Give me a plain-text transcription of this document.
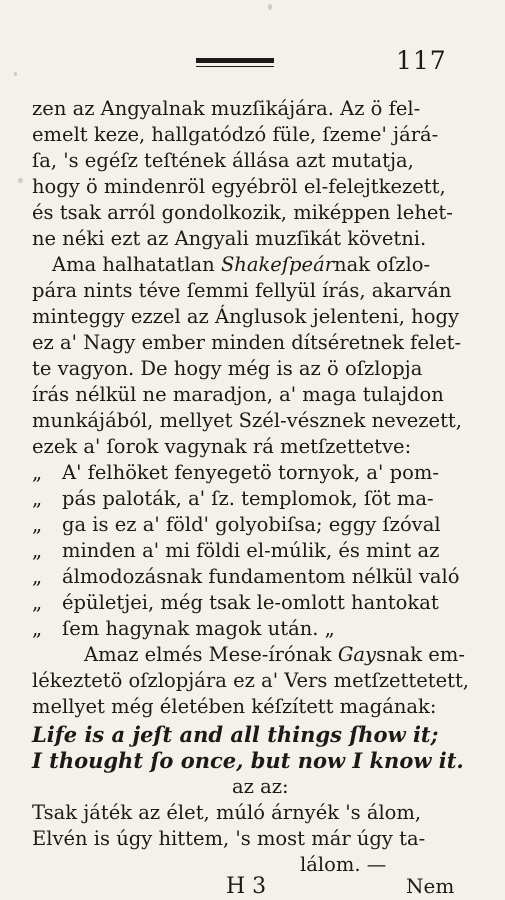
117
zen az Angyalnak muzſikájára. Az ö fel-
emelt keze, hallgatódzó füle, ſzeme' járá-
ſa, 's egéſz teſtének állása azt mutatja,
hogy ö mindenröl egyébröl el-felejtkezett,
és tsak arról gondolkozik, miképpen lehet-
ne néki ezt az Angyali muzſikát követni.
Ama halhatatlan Shakeſpeárnak oſzlo-
pára nints téve ſemmi fellyül írás, akarván
minteggy ezzel az Ánglusok jelenteni, hogy
ez a' Nagy ember minden dítséretnek felet-
te vagyon. De hogy még is az ö oſzlopja
írás nélkül ne maradjon, a' maga tulajdon
munkájából, mellyet Szél-vésznek nevezett,
ezek a' ſorok vagynak rá metſzettetve:
„	A' felhöket fenyegetö tornyok, a' pom-
„	pás paloták, a' ſz. templomok, ſöt ma-
„	ga is ez a' föld' golyobiſsa; eggy ſzóval
„	minden a' mi földi el-múlik, és mint az
„	álmodozásnak fundamentom nélkül való
„	épületjei, még tsak le-omlott hantokat
„	ſem hagynak magok után. „
Amaz elmés Mese-írónak Gaysnak em-
lékeztetö oſzlopjára ez a' Vers metſzettetett,
mellyet még életében kéſzített magának:
Life is a jeſt and all things ſhow it;
I thought ſo once, but now I know it.
az az:
Tsak játék az élet, múló árnyék 's álom,
Elvén is úgy hittem, 's most már úgy ta-
lálom. —
H 3	Nem
